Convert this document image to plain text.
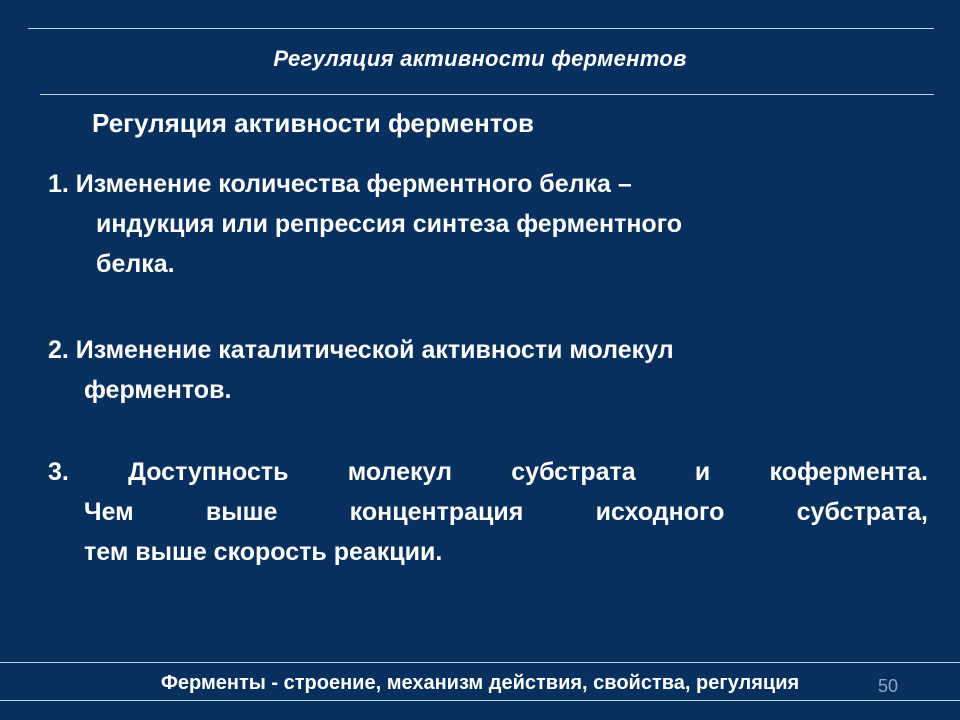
Регуляция активности ферментов
Регуляция активности ферментов
1. Изменение количества ферментного белка –
индукция или репрессия синтеза ферментного
белка.
2. Изменение каталитической активности молекул
ферментов.
3. Доступность молекул субстрата и кофермента.
Чем выше концентрация исходного субстрата,
тем выше скорость реакции.
Ферменты - строение, механизм действия, свойства, регуляция	50
